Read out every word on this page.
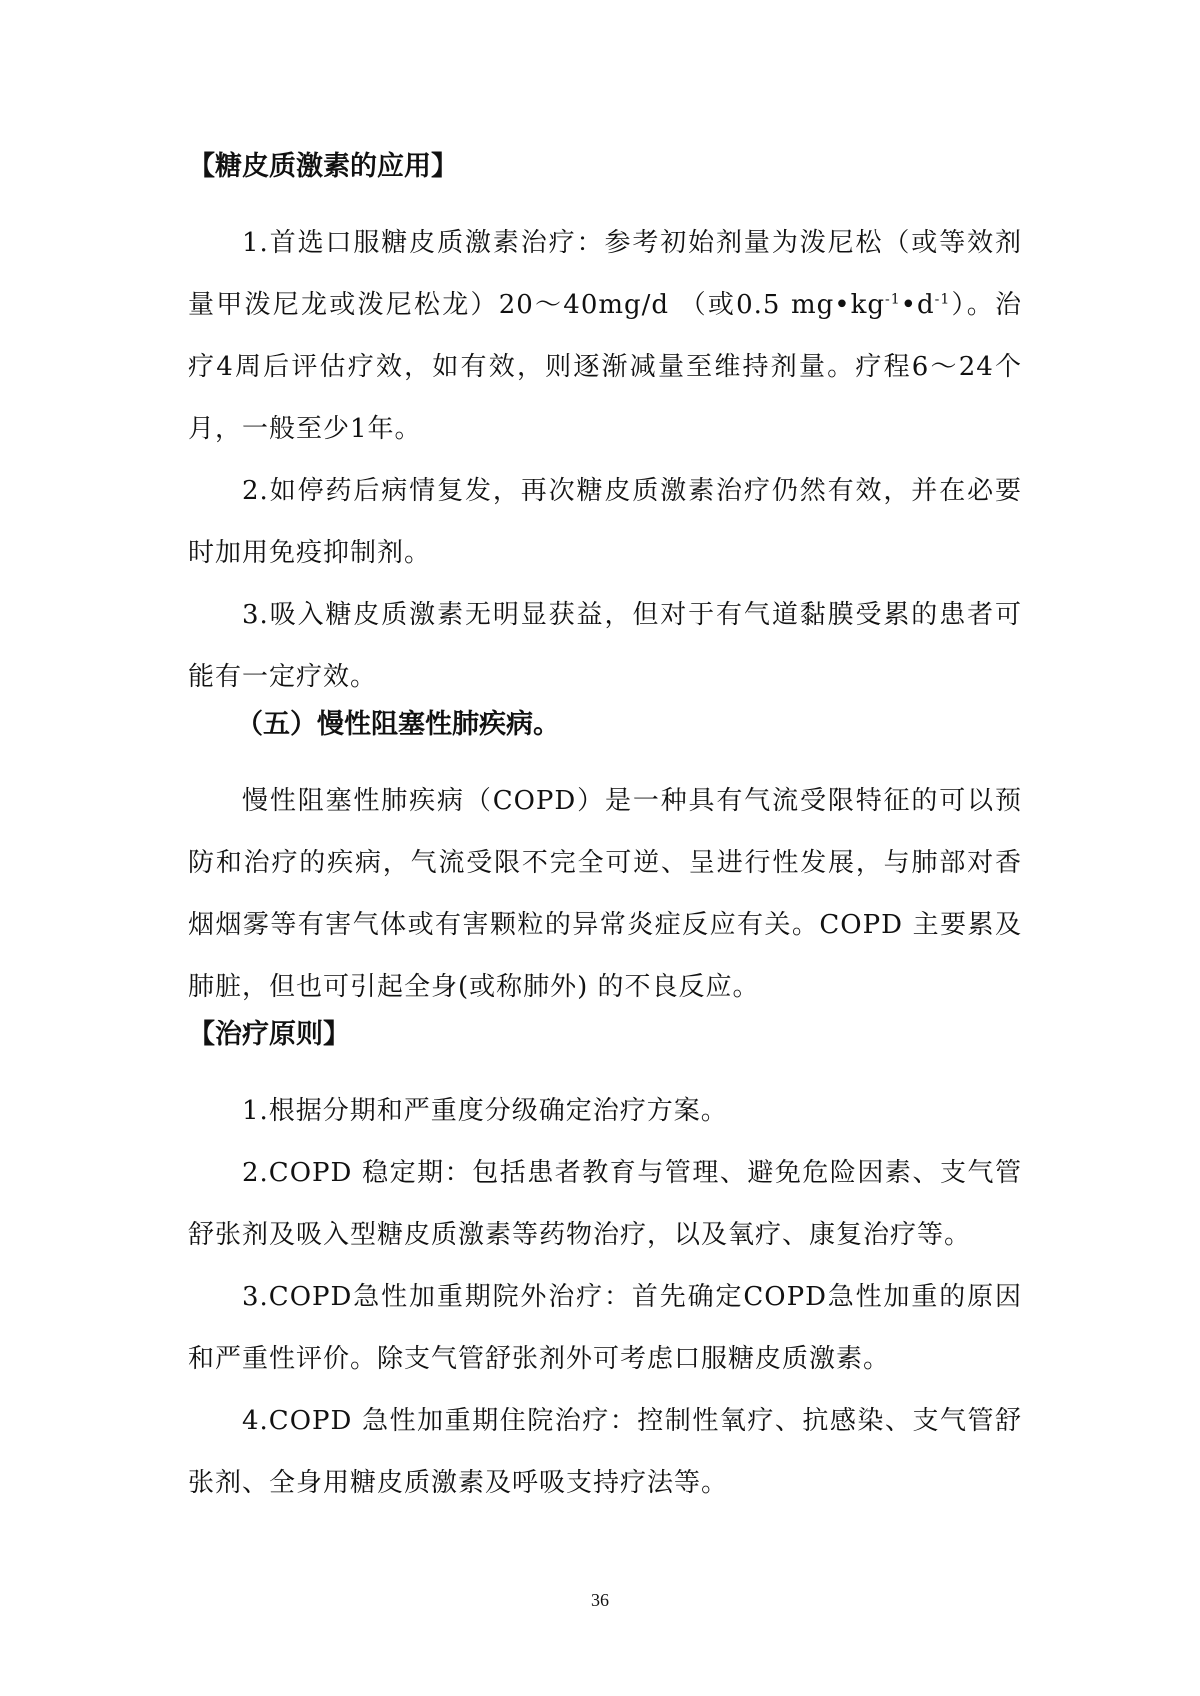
【糖皮质激素的应用】

1.首选口服糖皮质激素治疗：参考初始剂量为泼尼松（或等效剂量甲泼尼龙或泼尼松龙）20～40mg/d （或0.5 $mg•kg^{-1}•d^{-1}$）。治疗4周后评估疗效，如有效，则逐渐减量至维持剂量。疗程6～24个月，一般至少1年。

2.如停药后病情复发，再次糖皮质激素治疗仍然有效，并在必要时加用免疫抑制剂。

3.吸入糖皮质激素无明显获益，但对于有气道黏膜受累的患者可能有一定疗效。

（五）慢性阻塞性肺疾病。

慢性阻塞性肺疾病（COPD）是一种具有气流受限特征的可以预防和治疗的疾病，气流受限不完全可逆、呈进行性发展，与肺部对香烟烟雾等有害气体或有害颗粒的异常炎症反应有关。COPD 主要累及肺脏，但也可引起全身(或称肺外) 的不良反应。

【治疗原则】

1.根据分期和严重度分级确定治疗方案。

2.COPD 稳定期：包括患者教育与管理、避免危险因素、支气管舒张剂及吸入型糖皮质激素等药物治疗，以及氧疗、康复治疗等。

3.COPD急性加重期院外治疗：首先确定COPD急性加重的原因和严重性评价。除支气管舒张剂外可考虑口服糖皮质激素。

4.COPD 急性加重期住院治疗：控制性氧疗、抗感染、支气管舒张剂、全身用糖皮质激素及呼吸支持疗法等。

36
